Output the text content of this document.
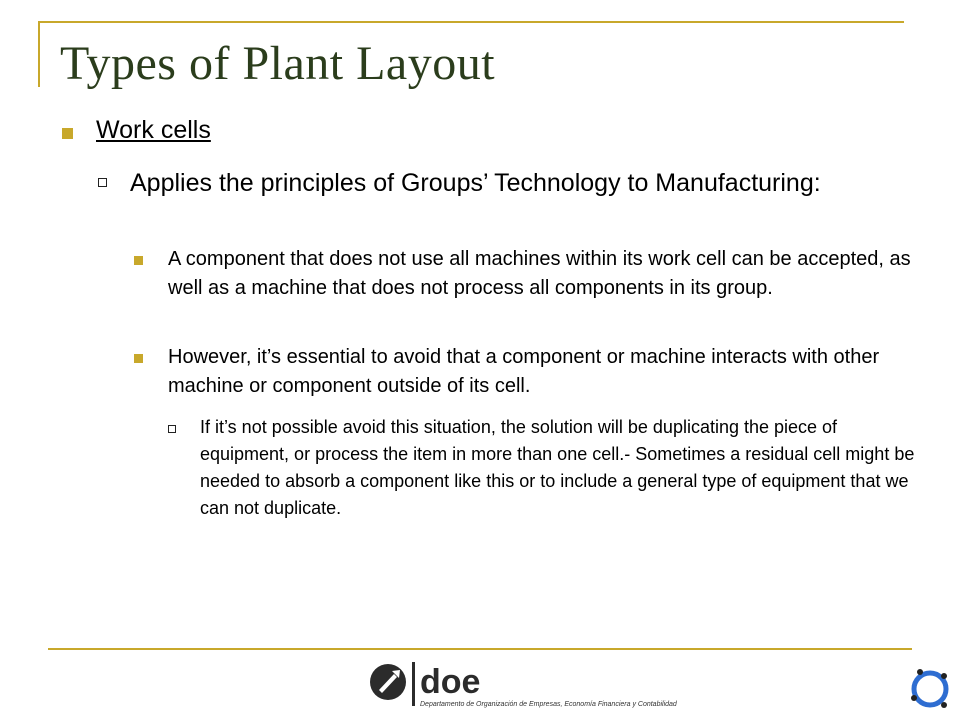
Types of Plant Layout

Work cells

Applies the principles of Groups’ Technology to Manufacturing:

A component that does not use all machines within its work cell can be accepted, as well as a machine that does not process all components in its group.

However, it’s essential to avoid that a component or machine interacts with other machine or component outside of its cell.

If it’s not possible avoid this situation, the solution will be duplicating the piece of equipment, or process the item in more than one cell.- Sometimes a residual cell might be needed to absorb a component like this or to include a general type of equipment that we can not duplicate.

doe
Departamento de Organización de Empresas, Economía Financiera y Contabilidad
